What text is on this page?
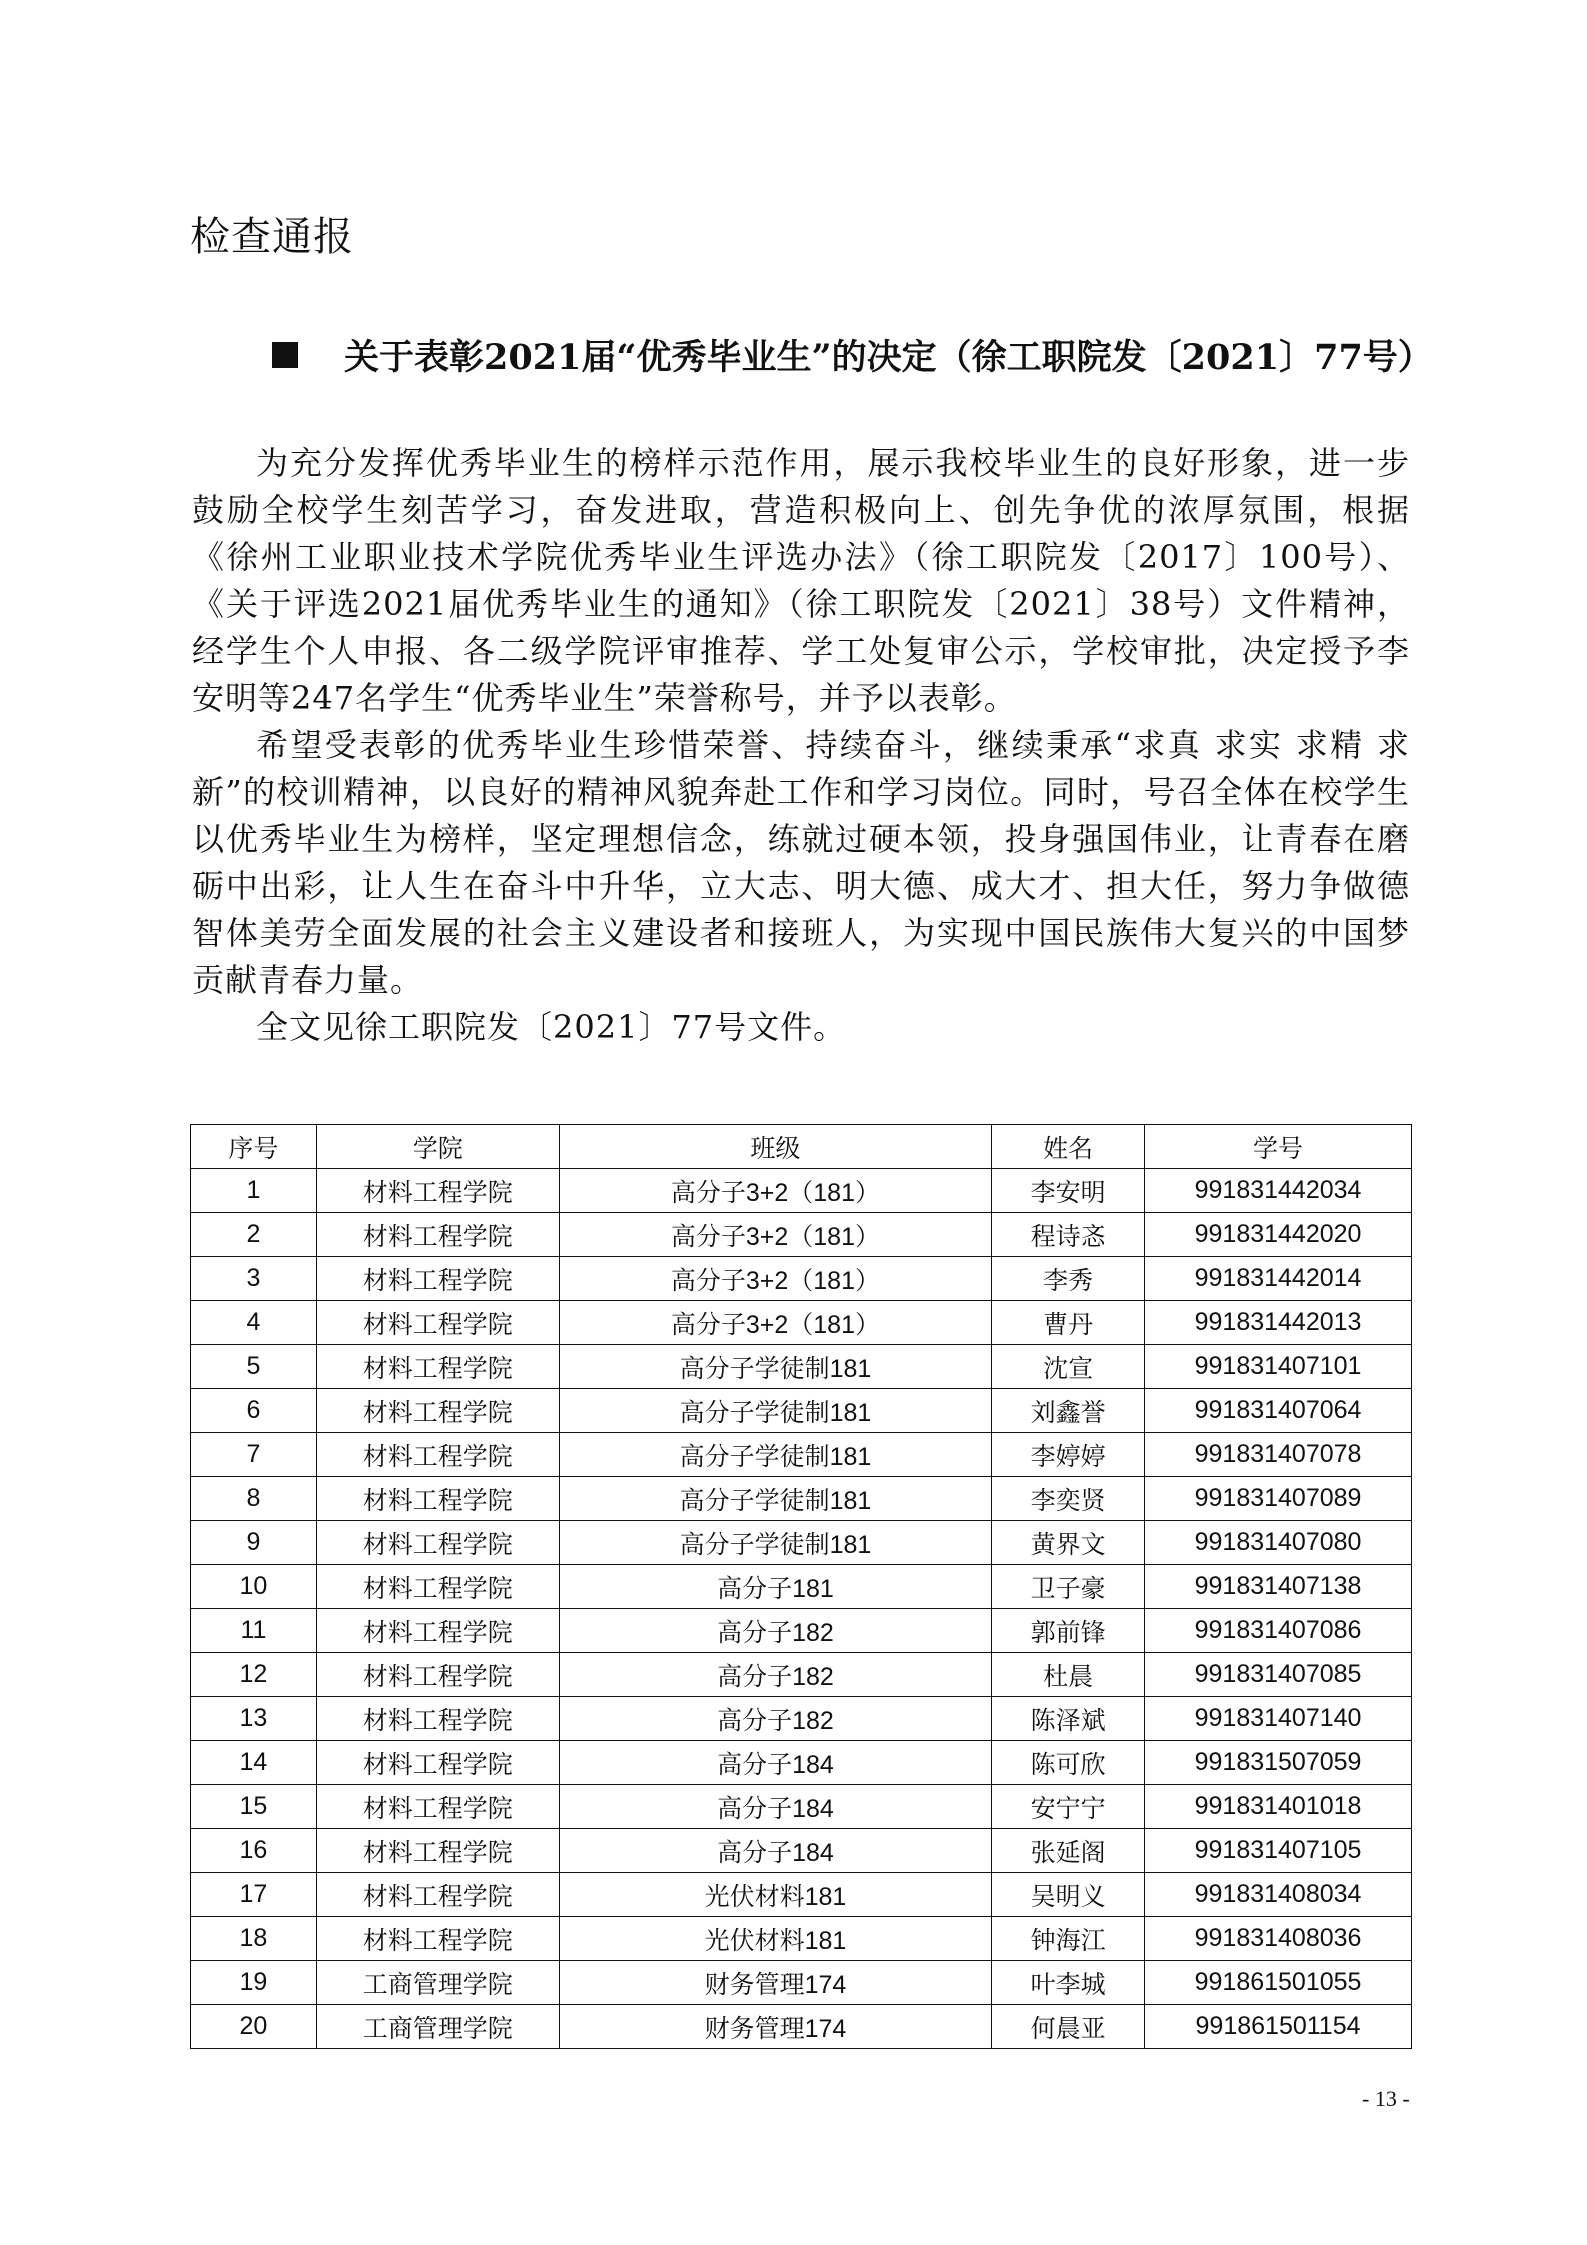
检查通报
关于表彰2021届“优秀毕业生”的决定（徐工职院发〔2021〕77号）

为充分发挥优秀毕业生的榜样示范作用，展示我校毕业生的良好形象，进一步鼓励全校学生刻苦学习，奋发进取，营造积极向上、创先争优的浓厚氛围，根据《徐州工业职业技术学院优秀毕业生评选办法》（徐工职院发〔2017〕100号）、《关于评选2021届优秀毕业生的通知》（徐工职院发〔2021〕38号）文件精神，经学生个人申报、各二级学院评审推荐、学工处复审公示，学校审批，决定授予李安明等247名学生“优秀毕业生”荣誉称号，并予以表彰。

希望受表彰的优秀毕业生珍惜荣誉、持续奋斗，继续秉承“求真 求实 求精 求新”的校训精神，以良好的精神风貌奔赴工作和学习岗位。同时，号召全体在校学生以优秀毕业生为榜样，坚定理想信念，练就过硬本领，投身强国伟业，让青春在磨砺中出彩，让人生在奋斗中升华，立大志、明大德、成大才、担大任，努力争做德智体美劳全面发展的社会主义建设者和接班人，为实现中国民族伟大复兴的中国梦贡献青春力量。

全文见徐工职院发〔2021〕77号文件。

序号	学院	班级	姓名	学号
1	材料工程学院	高分子3+2（181）	李安明	991831442034
2	材料工程学院	高分子3+2（181）	程诗忞	991831442020
3	材料工程学院	高分子3+2（181）	李秀	991831442014
4	材料工程学院	高分子3+2（181）	曹丹	991831442013
5	材料工程学院	高分子学徒制181	沈宣	991831407101
6	材料工程学院	高分子学徒制181	刘鑫誉	991831407064
7	材料工程学院	高分子学徒制181	李婷婷	991831407078
8	材料工程学院	高分子学徒制181	李奕贤	991831407089
9	材料工程学院	高分子学徒制181	黄界文	991831407080
10	材料工程学院	高分子181	卫子豪	991831407138
11	材料工程学院	高分子182	郭前锋	991831407086
12	材料工程学院	高分子182	杜晨	991831407085
13	材料工程学院	高分子182	陈泽斌	991831407140
14	材料工程学院	高分子184	陈可欣	991831507059
15	材料工程学院	高分子184	安宁宁	991831401018
16	材料工程学院	高分子184	张延阁	991831407105
17	材料工程学院	光伏材料181	吴明义	991831408034
18	材料工程学院	光伏材料181	钟海江	991831408036
19	工商管理学院	财务管理174	叶李城	991861501055
20	工商管理学院	财务管理174	何晨亚	991861501154
- 13 -
